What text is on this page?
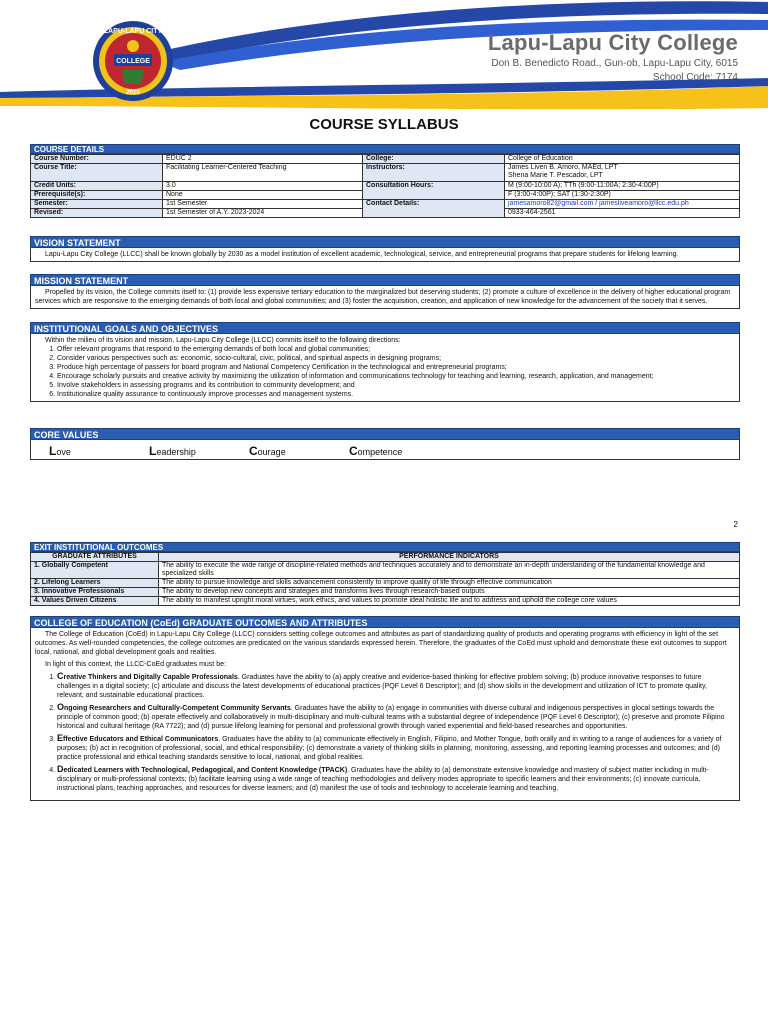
LAPU-LAPU CITY
COLLEGE
2020
Lapu-Lapu City College
Don B. Benedicto Road., Gun-ob, Lapu-Lapu City, 6015
School Code: 7174
COURSE SYLLABUS
COURSE DETAILS
Course Number:	EDUC 2	College:	College of Education
Course Title:	Facilitating Learner-Centered Teaching	Instructors:	James Liven B. Amoro, MAEd, LPT
Shena Marie T. Pescador, LPT

Credit Units:	3.0	Consultation Hours:	M (9:00-10:00 A); TTh (9:00-11:00A; 2:30-4:00P)
Prerequisite(s):	None		F (3:00-4:00P); SAT (1:30-2:30P)
Semester:	1st Semester	Contact Details:	jamesamoro82@gmail.com / jamesliveamoro@llcc.edu.ph
Revised:	1st Semester of A.Y. 2023-2024		0933-464-2561
VISION STATEMENT

Lapu-Lapu City College (LLCC) shall be known globally by 2030 as a model institution of excellent academic, technological, service, and entrepreneurial programs that prepare students for lifelong learning.

MISSION STATEMENT

Propelled by its vision, the College commits itself to: (1) provide less expensive tertiary education to the marginalized but deserving students; (2) promote a culture of excellence in the delivery of higher educational program services which are responsive to the emerging demands of both local and global communities; and (3) foster the acquisition, creation, and application of new knowledge for the advancement of the society that it serves.

INSTITUTIONAL GOALS AND OBJECTIVES

Within the milieu of its vision and mission, Lapu-Lapu City College (LLCC) commits itself to the following directions:

1. Offer relevant programs that respond to the emerging demands of both local and global communities;
2. Consider various perspectives such as: economic, socio-cultural, civic, political, and spiritual aspects in designing programs;
3. Produce high percentage of passers for board program and National Competency Certification in the technological and entrepreneurial programs;
4. Encourage scholarly pursuits and creative activity by maximizing the utilization of information and communications technology for teaching and learning, research, application, and management;
5. Involve stakeholders in assessing programs and its contribution to community development; and
6. Institutionalize quality assurance to continuously improve processes and management systems.
CORE VALUES
Love	Leadership	Courage	Competence
2
EXIT INSTITUTIONAL OUTCOMES
GRADUATE ATTRIBUTES	PERFORMANCE INDICATORS
1. Globally Competent	The ability to execute the wide range of discipline-related methods and techniques accurately and to demonstrate an in-depth understanding of the fundamental knowledge and specialized skills
2. Lifelong Learners	The ability to pursue knowledge and skills advancement consistently to improve quality of life through effective communication
3. Innovative Professionals	The ability to develop new concepts and strategies and transforms lives through research-based outputs
4. Values Driven Citizens	The ability to manifest upright moral virtues, work ethics, and values to promote ideal holistic life and to address and uphold the college core values
COLLEGE OF EDUCATION (CoEd) GRADUATE OUTCOMES AND ATTRIBUTES

The College of Education (CoEd) in Lapu-Lapu City College (LLCC) considers setting college outcomes and attributes as part of standardizing quality of products and operating programs with efficiency in light of the set outcomes. As well-rounded competencies, the college outcomes are predicated on the various standards expressed herein. Therefore, the graduates of the CoEd must uphold and demonstrate these exit outcomes to support local, national, and global development goals and realities.

In light of this context, the LLCC-CoEd graduates must be:

1. Creative Thinkers and Digitally Capable Professionals. Graduates have the ability to (a) apply creative and evidence-based thinking for effective problem solving; (b) produce innovative responses to future challenges in a digital society; (c) articulate and discuss the latest developments of educational practices (PQF Level 6 Descriptor); and (d) show skills in the development and utilization of ICT to promote quality, relevant, and sustainable educational practices.
2. Ongoing Researchers and Culturally-Competent Community Servants. Graduates have the ability to (a) engage in communities with diverse cultural and indigenous perspectives in glocal settings towards the principle of common good; (b) operate effectively and collaboratively in multi-disciplinary and multi-cultural teams with a substantial degree of independence (PQF Level 6 Descriptor); (c) preserve and promote Filipino historical and cultural heritage (RA 7722); and (d) pursue lifelong learning for personal and professional growth through varied experiential and field-based researches and opportunities.
3. Effective Educators and Ethical Communicators. Graduates have the ability to (a) communicate effectively in English, Filipino, and Mother Tongue, both orally and in writing to a range of audiences for a variety of purposes; (b) act in recognition of professional, social, and ethical responsibility; (c) demonstrate a variety of thinking skills in planning, monitoring, assessing, and reporting learning processes and outcomes; and (d) practice professional and ethical teaching standards sensitive to local, national, and global realities.
4. Dedicated Learners with Technological, Pedagogical, and Content Knowledge (TPACK). Graduates have the ability to (a) demonstrate extensive knowledge and mastery of subject matter including in multi-disciplinary or multi-professional contexts; (b) facilitate learning using a wide range of teaching methodologies and delivery modes appropriate to specific learners and their environments; (c) innovate curricula, instructional plans, teaching approaches, and resources for diverse learners; and (d) manifest the use of tools and technology to accelerate learning and teaching.
